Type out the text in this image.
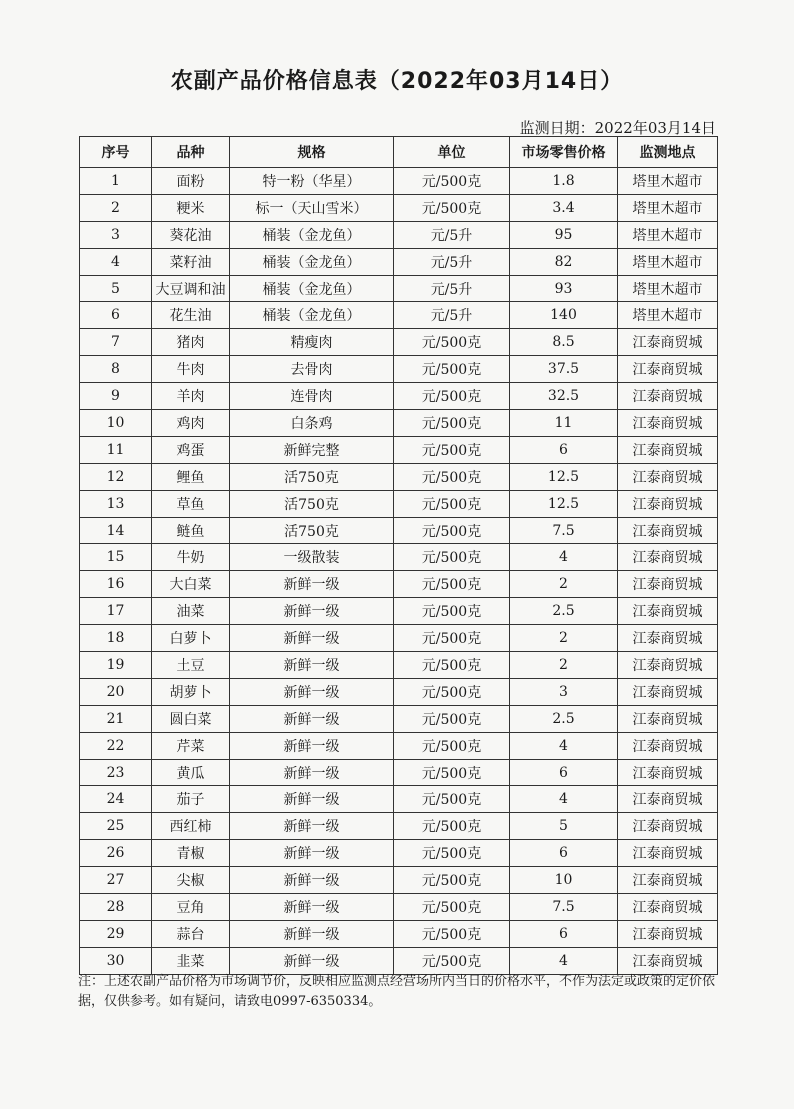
农副产品价格信息表（2022年03月14日）
监测日期：2022年03月14日
序号	品种	规格	单位	市场零售价格	监测地点
1	面粉	特一粉（华星）	元/500克	1.8	塔里木超市
2	粳米	标一（天山雪米）	元/500克	3.4	塔里木超市
3	葵花油	桶装（金龙鱼）	元/5升	95	塔里木超市
4	菜籽油	桶装（金龙鱼）	元/5升	82	塔里木超市
5	大豆调和油	桶装（金龙鱼）	元/5升	93	塔里木超市
6	花生油	桶装（金龙鱼）	元/5升	140	塔里木超市
7	猪肉	精瘦肉	元/500克	8.5	江泰商贸城
8	牛肉	去骨肉	元/500克	37.5	江泰商贸城
9	羊肉	连骨肉	元/500克	32.5	江泰商贸城
10	鸡肉	白条鸡	元/500克	11	江泰商贸城
11	鸡蛋	新鲜完整	元/500克	6	江泰商贸城
12	鲤鱼	活750克	元/500克	12.5	江泰商贸城
13	草鱼	活750克	元/500克	12.5	江泰商贸城
14	鲢鱼	活750克	元/500克	7.5	江泰商贸城
15	牛奶	一级散装	元/500克	4	江泰商贸城
16	大白菜	新鲜一级	元/500克	2	江泰商贸城
17	油菜	新鲜一级	元/500克	2.5	江泰商贸城
18	白萝卜	新鲜一级	元/500克	2	江泰商贸城
19	土豆	新鲜一级	元/500克	2	江泰商贸城
20	胡萝卜	新鲜一级	元/500克	3	江泰商贸城
21	圆白菜	新鲜一级	元/500克	2.5	江泰商贸城
22	芹菜	新鲜一级	元/500克	4	江泰商贸城
23	黄瓜	新鲜一级	元/500克	6	江泰商贸城
24	茄子	新鲜一级	元/500克	4	江泰商贸城
25	西红柿	新鲜一级	元/500克	5	江泰商贸城
26	青椒	新鲜一级	元/500克	6	江泰商贸城
27	尖椒	新鲜一级	元/500克	10	江泰商贸城
28	豆角	新鲜一级	元/500克	7.5	江泰商贸城
29	蒜台	新鲜一级	元/500克	6	江泰商贸城
30	韭菜	新鲜一级	元/500克	4	江泰商贸城
注：上述农副产品价格为市场调节价，反映相应监测点经营场所内当日的价格水平，不作为法定或政策的定价依据，仅供参考。如有疑问，请致电0997-6350334。
